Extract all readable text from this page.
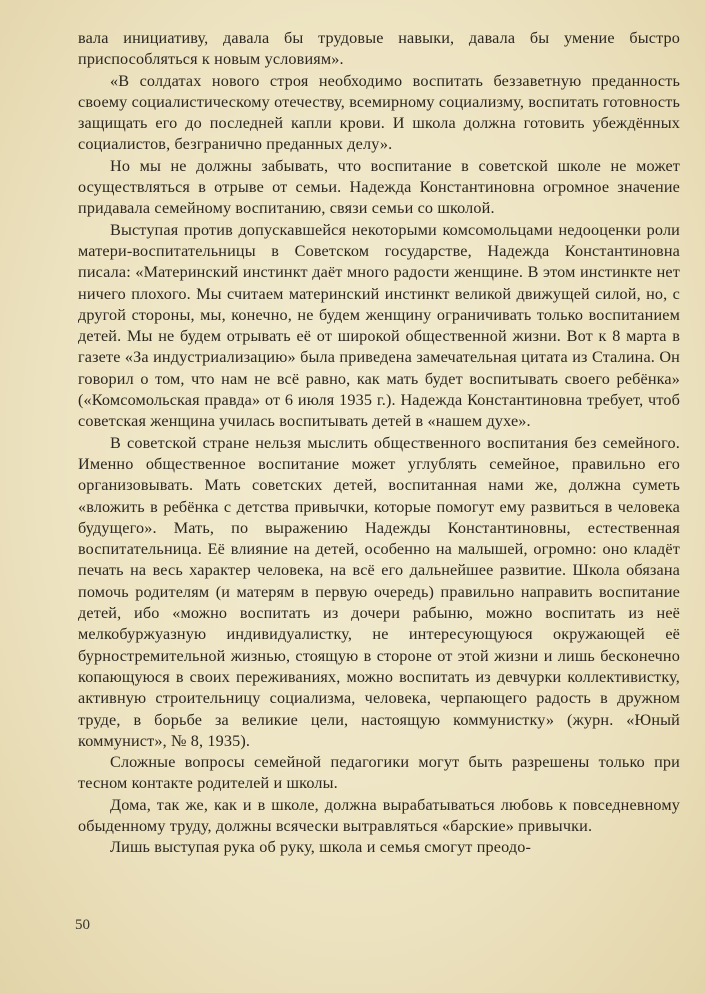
вала инициативу, давала бы трудовые навыки, давала бы умение быстро приспособляться к новым условиям».

«В солдатах нового строя необходимо воспитать беззаветную преданность своему социалистическому отечеству, всемирному социализму, воспитать готовность защищать его до последней капли крови. И школа должна готовить убеждённых социалистов, безгранично преданных делу».

Но мы не должны забывать, что воспитание в советской школе не может осуществляться в отрыве от семьи. Надежда Константиновна огромное значение придавала семейному воспитанию, связи семьи со школой.

Выступая против допускавшейся некоторыми комсомольцами недооценки роли матери-воспитательницы в Советском государстве, Надежда Константиновна писала: «Материнский инстинкт даёт много радости женщине. В этом инстинкте нет ничего плохого. Мы считаем материнский инстинкт великой движущей силой, но, с другой стороны, мы, конечно, не будем женщину ограничивать только воспитанием детей. Мы не будем отрывать её от широкой общественной жизни. Вот к 8 марта в газете «За индустриализацию» была приведена замечательная цитата из Сталина. Он говорил о том, что нам не всё равно, как мать будет воспитывать своего ребёнка» («Комсомольская правда» от 6 июля 1935 г.). Надежда Константиновна требует, чтоб советская женщина училась воспитывать детей в «нашем духе».

В советской стране нельзя мыслить общественного воспитания без семейного. Именно общественное воспитание может углублять семейное, правильно его организовывать. Мать советских детей, воспитанная нами же, должна суметь «вложить в ребёнка с детства привычки, которые помогут ему развиться в человека будущего». Мать, по выражению Надежды Константиновны, естественная воспитательница. Её влияние на детей, особенно на малышей, огромно: оно кладёт печать на весь характер человека, на всё его дальнейшее развитие. Школа обязана помочь родителям (и матерям в первую очередь) правильно направить воспитание детей, ибо «можно воспитать из дочери рабыню, можно воспитать из неё мелкобуржуазную индивидуалистку, не интересующуюся окружающей её бурностремительной жизнью, стоящую в стороне от этой жизни и лишь бесконечно копающуюся в своих переживаниях, можно воспитать из девчурки коллективистку, активную строительницу социализма, человека, черпающего радость в дружном труде, в борьбе за великие цели, настоящую коммунистку» (журн. «Юный коммунист», № 8, 1935).

Сложные вопросы семейной педагогики могут быть разрешены только при тесном контакте родителей и школы.

Дома, так же, как и в школе, должна вырабатываться любовь к повседневному обыденному труду, должны всячески вытравляться «барские» привычки.

Лишь выступая рука об руку, школа и семья смогут преодо-

50
